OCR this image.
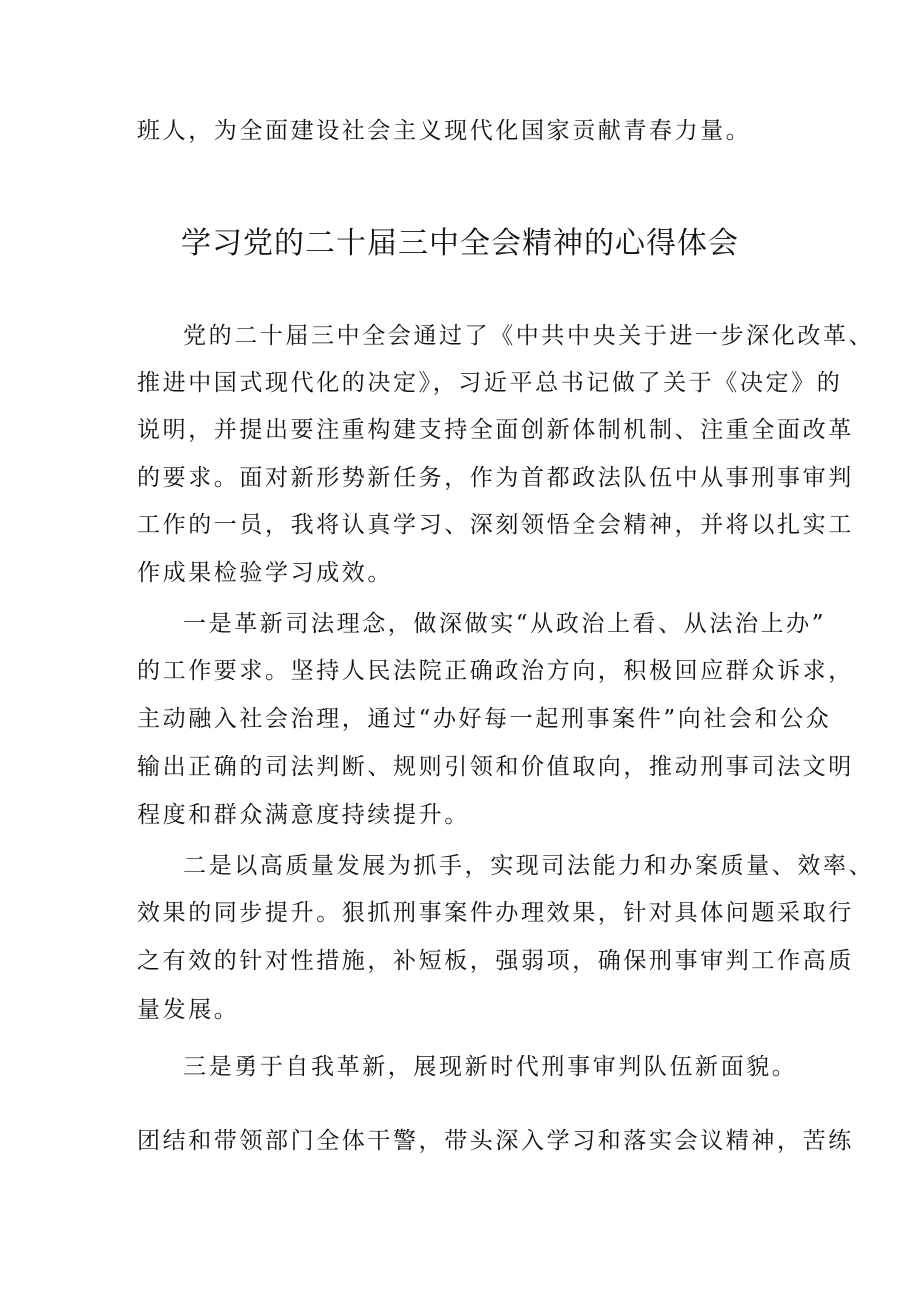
班人，为全面建设社会主义现代化国家贡献青春力量。
学习党的二十届三中全会精神的心得体会
党的二十届三中全会通过了《中共中央关于进一步深化改革、
推进中国式现代化的决定》，习近平总书记做了关于《决定》的
说明，并提出要注重构建支持全面创新体制机制、注重全面改革
的要求。面对新形势新任务，作为首都政法队伍中从事刑事审判
工作的一员，我将认真学习、深刻领悟全会精神，并将以扎实工
作成果检验学习成效。
一是革新司法理念，做深做实“从政治上看、从法治上办”
的工作要求。坚持人民法院正确政治方向，积极回应群众诉求，
主动融入社会治理，通过“办好每一起刑事案件”向社会和公众
输出正确的司法判断、规则引领和价值取向，推动刑事司法文明
程度和群众满意度持续提升。
二是以高质量发展为抓手，实现司法能力和办案质量、效率、
效果的同步提升。狠抓刑事案件办理效果，针对具体问题采取行
之有效的针对性措施，补短板，强弱项，确保刑事审判工作高质
量发展。
三是勇于自我革新，展现新时代刑事审判队伍新面貌。
团结和带领部门全体干警，带头深入学习和落实会议精神，苦练
